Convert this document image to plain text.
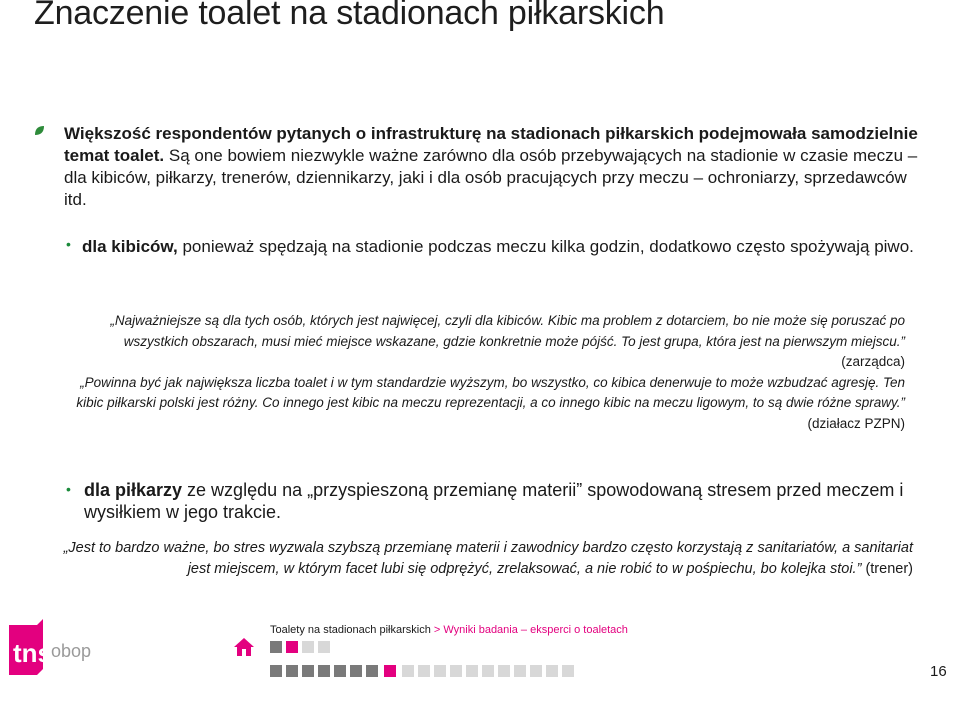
Znaczenie toalet na stadionach piłkarskich

Większość respondentów pytanych o infrastrukturę na stadionach piłkarskich podejmowała samodzielnie temat toalet. Są one bowiem niezwykle ważne zarówno dla osób przebywających na stadionie w czasie meczu – dla kibiców, piłkarzy, trenerów, dziennikarzy, jaki i dla osób pracujących przy meczu – ochroniarzy, sprzedawców itd.

• dla kibiców, ponieważ spędzają na stadionie podczas meczu kilka godzin, dodatkowo często spożywają piwo.

„Najważniejsze są dla tych osób, których jest najwięcej, czyli dla kibiców. Kibic ma problem z dotarciem, bo nie może się poruszać po wszystkich obszarach, musi mieć miejsce wskazane, gdzie konkretnie może pójść. To jest grupa, która jest na pierwszym miejscu.” (zarządca)
„Powinna być jak największa liczba toalet i w tym standardzie wyższym, bo wszystko, co kibica denerwuje to może wzbudzać agresję. Ten kibic piłkarski polski jest różny. Co innego jest kibic na meczu reprezentacji, a co innego kibic na meczu ligowym, to są dwie różne sprawy.” (działacz PZPN)

• dla piłkarzy ze względu na „przyspieszoną przemianę materii” spowodowaną stresem przed meczem i wysiłkiem w jego trakcie.

„Jest to bardzo ważne, bo stres wyzwala szybszą przemianę materii i zawodnicy bardzo często korzystają z sanitariatów, a sanitariat jest miejscem, w którym facet lubi się odprężyć, zrelaksować, a nie robić to w pośpiechu, bo kolejka stoi.” (trener)

tns obop
Toalety na stadionach piłkarskich > Wyniki badania – eksperci o toaletach
16
